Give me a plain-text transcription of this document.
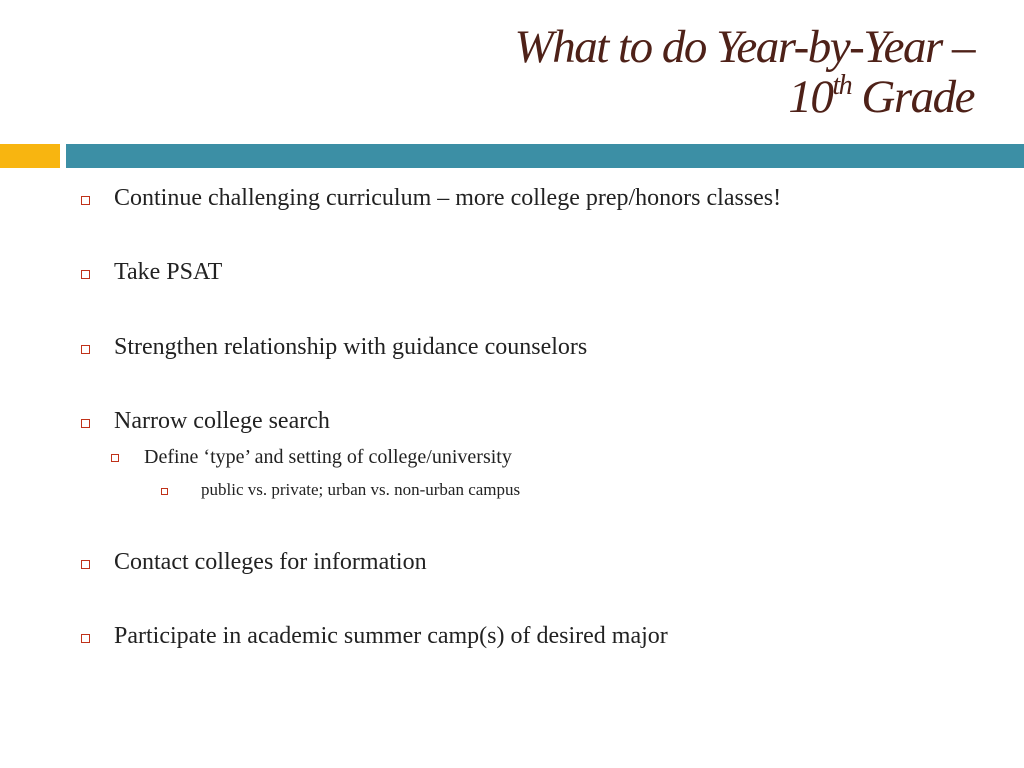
What to do Year-by-Year –
10th Grade
Continue challenging curriculum – more college prep/honors classes!
Take PSAT
Strengthen relationship with guidance counselors
Narrow college search
Define ‘type’ and setting of college/university
public vs. private; urban vs. non-urban campus
Contact colleges for information
Participate in academic summer camp(s) of desired major
